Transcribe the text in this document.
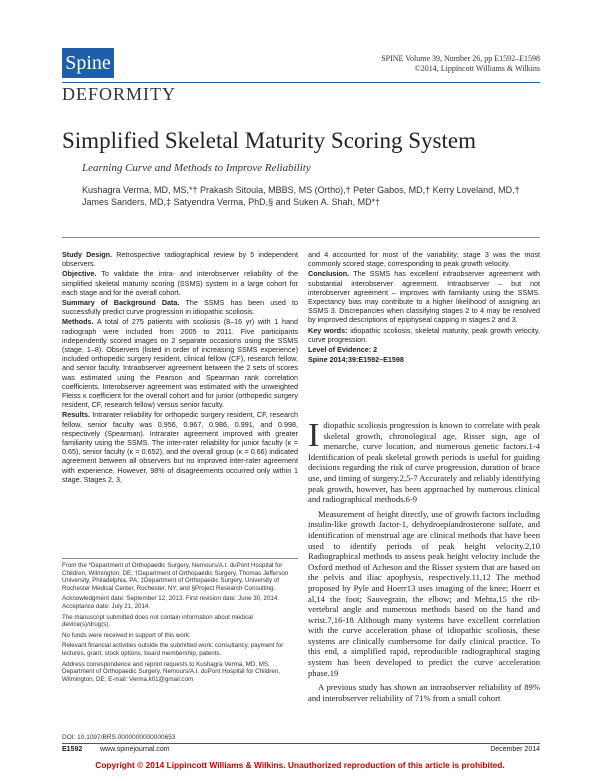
Spine	SPINE Volume 39, Number 26, pp E1592–E1598
©2014, Lippincott Williams & Wilkins
DEFORMITY
Simplified Skeletal Maturity Scoring System
Learning Curve and Methods to Improve Reliability
Kushagra Verma, MD, MS,*† Prakash Sitoula, MBBS, MS (Ortho),† Peter Gabos, MD,† Kerry Loveland, MD,† James Sanders, MD,‡ Satyendra Verma, PhD,§ and Suken A. Shah, MD*†

Study Design. Retrospective radiographical review by 5 independent observers.

Objective. To validate the intra- and interobserver reliability of the simplified skeletal maturity scoring (SSMS) system in a large cohort for each stage and for the overall cohort.

Summary of Background Data. The SSMS has been used to successfully predict curve progression in idiopathic scoliosis.

Methods. A total of 275 patients with scoliosis (8–16 yr) with 1 hand radiograph were included from 2005 to 2011. Five participants independently scored images on 2 separate occasions using the SSMS (stage, 1–8). Observers (listed in order of increasing SSMS experience) included orthopedic surgery resident, clinical fellow (CF), research fellow, and senior faculty. Intraobserver agreement between the 2 sets of scores was estimated using the Pearson and Spearman rank correlation coefficients. Interobserver agreement was estimated with the unweighted Fleiss κ coefficient for the overall cohort and for junior (orthopedic surgery resident, CF, research fellow) versus senior faculty.

Results. Intrarater reliability for orthopedic surgery resident, CF, research fellow, senior faculty was 0.956, 0.967, 0.986, 0.991, and 0.998, respectively (Spearman). Intrarater agreement improved with greater familiarity using the SSMS. The inter-rater reliability for junior faculty (κ = 0.65), senior faculty (κ = 0.652), and the overall group (κ = 0.66) indicated agreement between all observers but no improved inter-rater agreement with experience. However, 98% of disagreements occurred only within 1 stage. Stages 2, 3,

and 4 accounted for most of the variability; stage 3 was the most commonly scored stage, corresponding to peak growth velocity.

Conclusion. The SSMS has excellent intraobserver agreement with substantial interobserver agreement. Intraobserver – but not interobserver agreement – improves with familiarity using the SSMS. Expectancy bias may contribute to a higher likelihood of assigning an SSMS 3. Discrepancies when classifying stages 2 to 4 may be resolved by improved descriptions of epiphyseal capping in stages 2 and 3.

Key words: idiopathic scoliosis, skeletal maturity, peak growth velocity, curve progression.

Level of Evidence: 2

Spine 2014;39:E1592–E1598

Idiopathic scoliosis progression is known to correlate with peak skeletal growth, chronological age, Risser sign, age of menarche, curve location, and numerous genetic factors.1-4 Identification of peak skeletal growth periods is useful for guiding decisions regarding the risk of curve progression, duration of brace use, and timing of surgery.2,5-7 Accurately and reliably identifying peak growth, however, has been approached by numerous clinical and radiographical methods.6-9

Measurement of height directly, use of growth factors including insulin-like growth factor-1, dehydroepiandrosterone sulfate, and identification of menstrual age are clinical methods that have been used to identify periods of peak height velocity.2,10 Radiographical methods to assess peak height velocity include the Oxford method of Acheson and the Risser system that are based on the pelvis and iliac apophysis, respectively.11,12 The method proposed by Pyle and Hoerr13 uses imaging of the knee; Hoerr et al,14 the foot; Sauvegrain, the elbow; and Mehta,15 the rib-vertebral angle and numerous methods based on the hand and wrist.7,16-18 Although many systems have excellent correlation with the curve acceleration phase of idiopathic scoliosis, these systems are clinically cumbersome for daily clinical practice. To this end, a simplified rapid, reproducible radiographical staging system has been developed to predict the curve acceleration phase.19

A previous study has shown an intraobserver reliability of 89% and interobserver reliability of 71% from a small cohort

From the *Department of Orthopaedic Surgery, Nemours/A.I. duPont Hospital for Children, Wilmington, DE; †Department of Orthopaedic Surgery, Thomas Jefferson University, Philadelphia, PA; ‡Department of Orthopaedic Surgery, University of Rochester Medical Center, Rochester, NY; and §Project Research Consulting.

Acknowledgment date: September 12, 2013. First revision date: June 30, 2014. Acceptance date: July 21, 2014.

The manuscript submitted does not contain information about medical device(s)/drug(s).

No funds were received in support of this work.

Relevant financial activities outside the submitted work: consultancy, payment for lectures, grant, stock options, board membership, patents.

Address correspondence and reprint requests to Kushagra Verma, MD, MS, Department of Orthopaedic Surgery, Nemours/A.I. duPont Hospital for Children, Wilmington, DE; E-mail: Verma.k01@gmail.com

DOI: 10.1097/BRS.0000000000000653
E1592	www.spinejournal.com	December 2014
Copyright © 2014 Lippincott Williams & Wilkins. Unauthorized reproduction of this article is prohibited.
